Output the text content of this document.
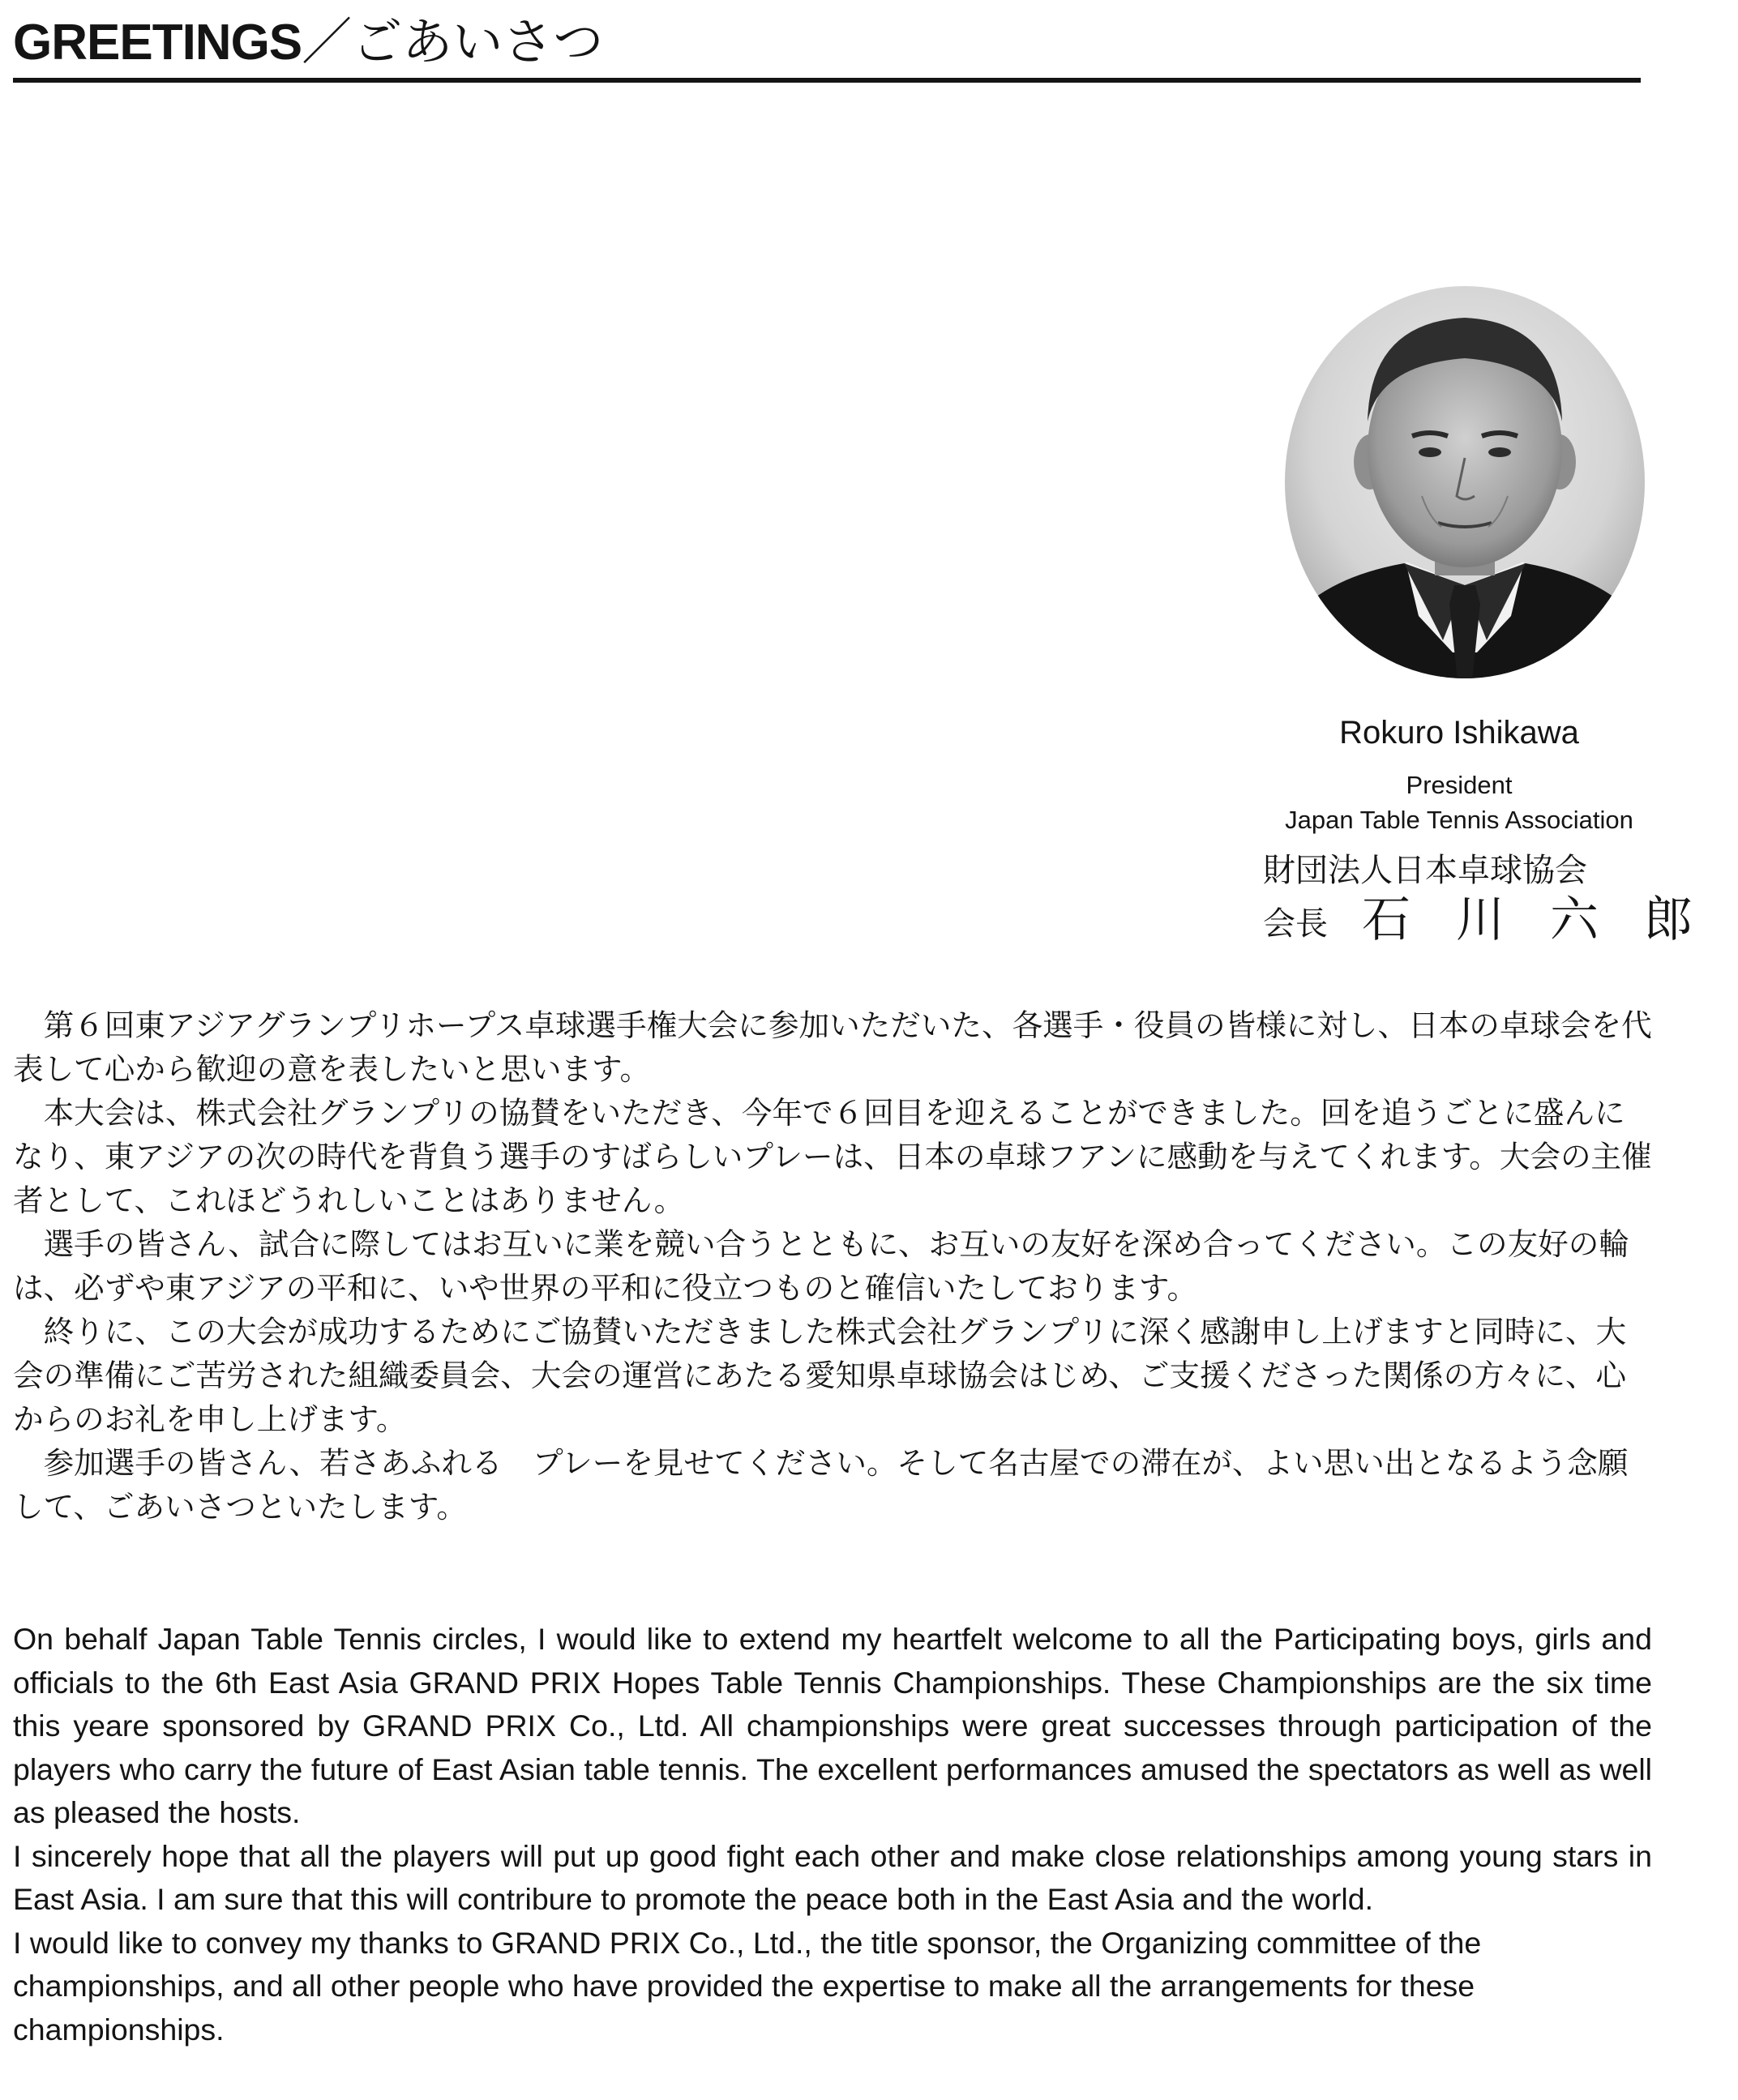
GREETINGS／ごあいさつ
Rokuro Ishikawa
President
Japan Table Tennis Association
財団法人日本卓球協会
会長 石川六郎

第６回東アジアグランプリホープス卓球選手権大会に参加いただいた、各選手・役員の皆様に対し、日本の卓球会を代表して心から歓迎の意を表したいと思います。

本大会は、株式会社グランプリの協賛をいただき、今年で６回目を迎えることができました。回を追うごとに盛んになり、東アジアの次の時代を背負う選手のすばらしいプレーは、日本の卓球フアンに感動を与えてくれます。大会の主催者として、これほどうれしいことはありません。

選手の皆さん、試合に際してはお互いに業を競い合うとともに、お互いの友好を深め合ってください。この友好の輪は、必ずや東アジアの平和に、いや世界の平和に役立つものと確信いたしております。

終りに、この大会が成功するためにご協賛いただきました株式会社グランプリに深く感謝申し上げますと同時に、大会の準備にご苦労された組織委員会、大会の運営にあたる愛知県卓球協会はじめ、ご支援くださった関係の方々に、心からのお礼を申し上げます。

参加選手の皆さん、若さあふれる　プレーを見せてください。そして名古屋での滞在が、よい思い出となるよう念願して、ごあいさつといたします。

On behalf Japan Table Tennis circles, I would like to extend my heartfelt welcome to all the Participating boys, girls and officials to the 6th East Asia GRAND PRIX Hopes Table Tennis Championships. These Championships are the six time this yeare sponsored by GRAND PRIX Co., Ltd. All championships were great successes through participation of the players who carry the future of East Asian table tennis. The excellent performances amused the spectators as well as well as pleased the hosts.

I sincerely hope that all the players will put up good fight each other and make close relationships among young stars in East Asia. I am sure that this will contribure to promote the peace both in the East Asia and the world.

I would like to convey my thanks to GRAND PRIX Co., Ltd., the title sponsor, the Organizing committee of the championships, and all other people who have provided the expertise to make all the arrangements for these championships.
